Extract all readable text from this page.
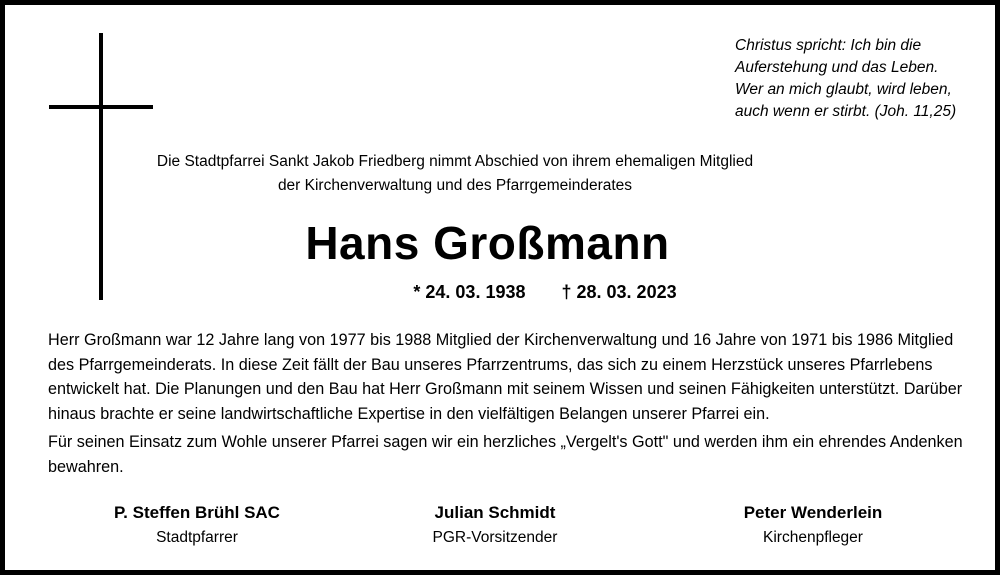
Christus spricht: Ich bin die
Auferstehung und das Leben.
Wer an mich glaubt, wird leben,
auch wenn er stirbt. (Joh. 11,25)
Die Stadtpfarrei Sankt Jakob Friedberg nimmt Abschied von ihrem ehemaligen Mitglied
der Kirchenverwaltung und des Pfarrgemeinderates
Hans Großmann
* 24. 03. 1938 † 28. 03. 2023

Herr Großmann war 12 Jahre lang von 1977 bis 1988 Mitglied der Kirchenverwaltung und 16 Jahre von 1971 bis 1986 Mitglied des Pfarrgemeinderats. In diese Zeit fällt der Bau unseres Pfarrzentrums, das sich zu einem Herzstück unseres Pfarrlebens entwickelt hat. Die Planungen und den Bau hat Herr Großmann mit seinem Wissen und seinen Fähigkeiten unterstützt. Darüber hinaus brachte er seine landwirtschaftliche Expertise in den vielfältigen Belangen unserer Pfarrei ein.

Für seinen Einsatz zum Wohle unserer Pfarrei sagen wir ein herzliches „Vergelt's Gott" und werden ihm ein ehrendes Andenken bewahren.

P. Steffen Brühl SAC
Stadtpfarrer
Julian Schmidt
PGR-Vorsitzender
Peter Wenderlein
Kirchenpfleger
